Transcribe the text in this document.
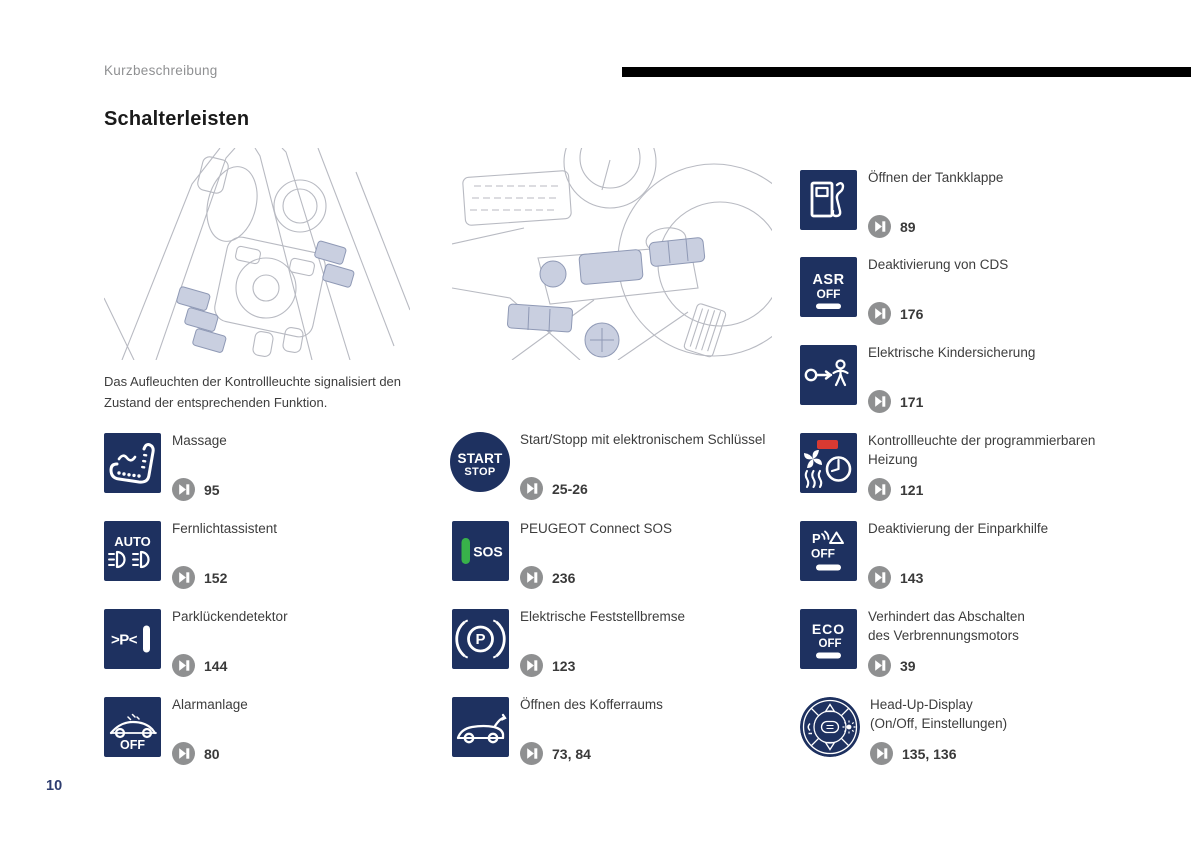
Kurzbeschreibung
Schalterleisten
Das Aufleuchten der Kontrollleuchte signalisiert den
Zustand der entsprechenden Funktion.
Massage
95
AUTO
Fernlichtassistent
152
>P<
Parklückendetektor
144
OFF
Alarmanlage
80
START
STOP
Start/Stopp mit elektronischem Schlüssel
25-26
SOS
PEUGEOT Connect SOS
236
P
Elektrische Feststellbremse
123
Öffnen des Kofferraums
73, 84
Öffnen der Tankklappe
89
ASR
OFF
Deaktivierung von CDS
176
Elektrische Kindersicherung
171
Kontrollleuchte der programmierbaren
Heizung
121
P
OFF
Deaktivierung der Einparkhilfe
143
ECO
OFF
Verhindert das Abschalten
des Verbrennungsmotors
39
Head-Up-Display
(On/Off, Einstellungen)
135, 136
10
